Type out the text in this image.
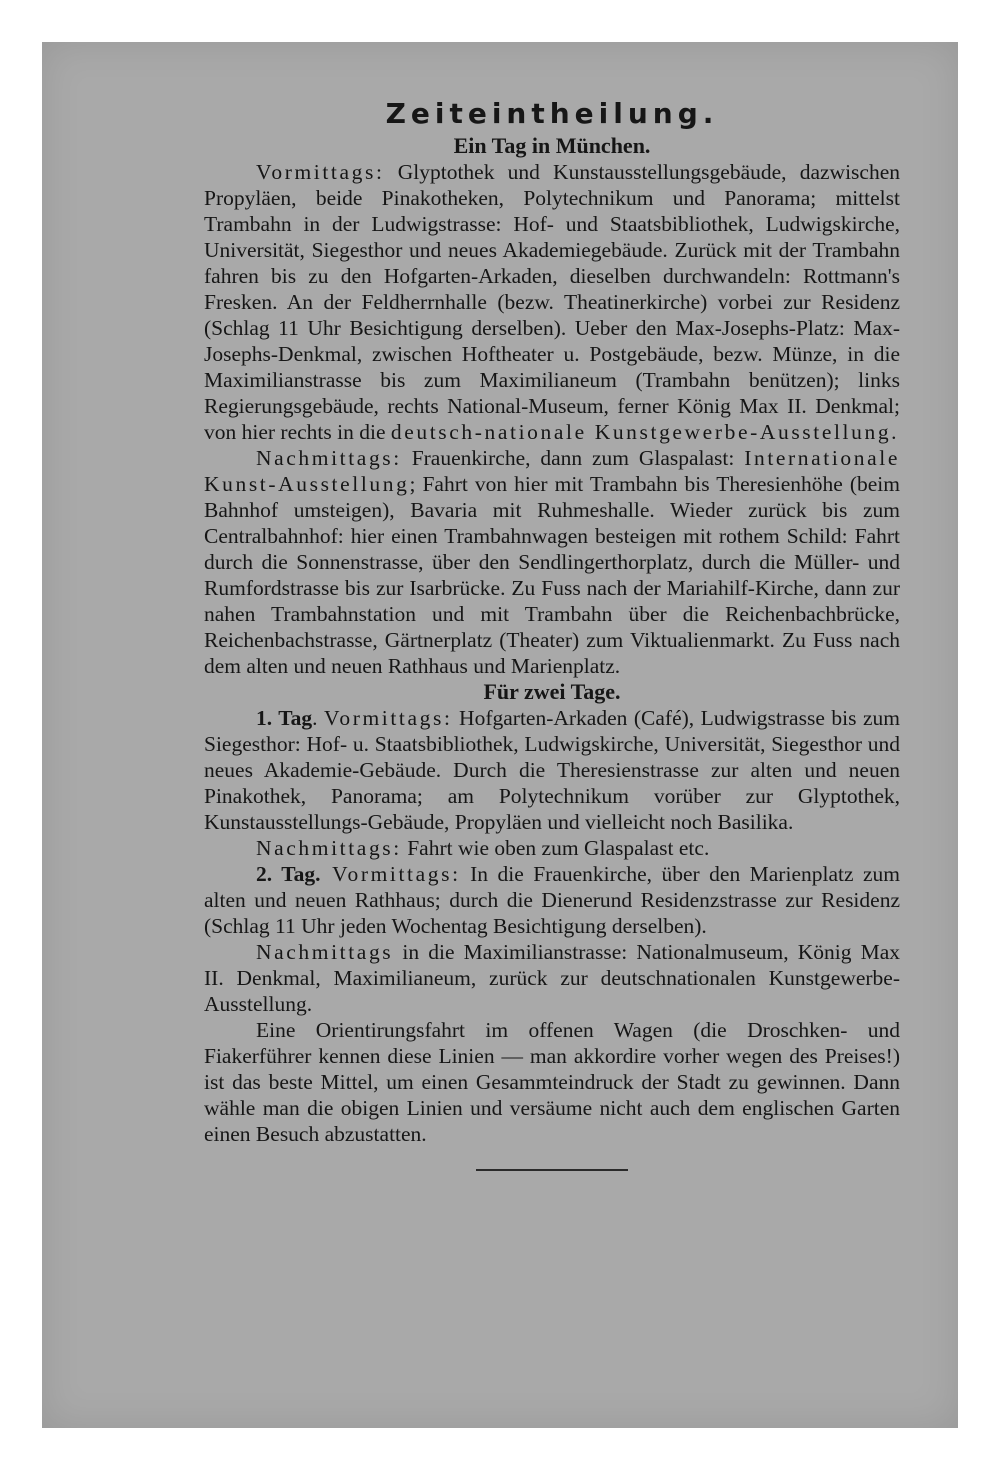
Zeiteintheilung.
Ein Tag in München.

Vormittags: Glyptothek und Kunstausstellungsgebäude, dazwischen Propyläen, beide Pinakotheken, Polytechnikum und Panorama; mittelst Trambahn in der Ludwigstrasse: Hof- und Staatsbibliothek, Ludwigskirche, Universität, Siegesthor und neues Akademiegebäude. Zurück mit der Trambahn fahren bis zu den Hofgarten-Arkaden, dieselben durchwandeln: Rottmann's Fresken. An der Feldherrnhalle (bezw. Theatinerkirche) vorbei zur Residenz (Schlag 11 Uhr Besichtigung derselben). Ueber den Max-Josephs-Platz: Max-Josephs-Denkmal, zwischen Hoftheater u. Postgebäude, bezw. Münze, in die Maximilianstrasse bis zum Maximilianeum (Trambahn benützen); links Regierungsgebäude, rechts National-Museum, ferner König Max II. Denkmal; von hier rechts in die deutsch-nationale Kunstgewerbe-Ausstellung.

Nachmittags: Frauenkirche, dann zum Glaspalast: Internationale Kunst-Ausstellung; Fahrt von hier mit Trambahn bis Theresienhöhe (beim Bahnhof umsteigen), Bavaria mit Ruhmeshalle. Wieder zurück bis zum Centralbahnhof: hier einen Trambahnwagen besteigen mit rothem Schild: Fahrt durch die Sonnenstrasse, über den Sendlingerthorplatz, durch die Müller- und Rumfordstrasse bis zur Isarbrücke. Zu Fuss nach der Mariahilf-Kirche, dann zur nahen Trambahnstation und mit Trambahn über die Reichenbachbrücke, Reichenbachstrasse, Gärtnerplatz (Theater) zum Viktualienmarkt. Zu Fuss nach dem alten und neuen Rathhaus und Marienplatz.

Für zwei Tage.

1. Tag. Vormittags: Hofgarten-Arkaden (Café), Ludwigstrasse bis zum Siegesthor: Hof- u. Staatsbibliothek, Ludwigskirche, Universität, Siegesthor und neues Akademie-Gebäude. Durch die Theresienstrasse zur alten und neuen Pinakothek, Panorama; am Polytechnikum vorüber zur Glyptothek, Kunstausstellungs-Gebäude, Propyläen und vielleicht noch Basilika.

Nachmittags: Fahrt wie oben zum Glaspalast etc.

2. Tag. Vormittags: In die Frauenkirche, über den Marienplatz zum alten und neuen Rathhaus; durch die Dienerund Residenzstrasse zur Residenz (Schlag 11 Uhr jeden Wochentag Besichtigung derselben).

Nachmittags in die Maximilianstrasse: Nationalmuseum, König Max II. Denkmal, Maximilianeum, zurück zur deutschnationalen Kunstgewerbe-Ausstellung.

Eine Orientirungsfahrt im offenen Wagen (die Droschken- und Fiakerführer kennen diese Linien — man akkordire vorher wegen des Preises!) ist das beste Mittel, um einen Gesammteindruck der Stadt zu gewinnen. Dann wähle man die obigen Linien und versäume nicht auch dem englischen Garten einen Besuch abzustatten.
